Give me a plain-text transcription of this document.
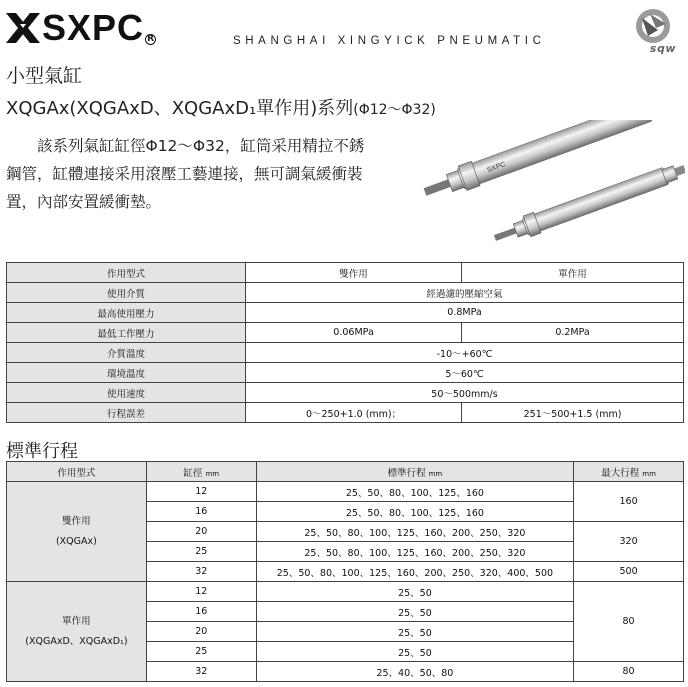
SXPC R	SHANGHAI XINGYICK PNEUMATIC
sqw
小型氣缸
XQGAx(XQGAxD、XQGAxD₁單作用)系列(Φ12～Φ32)

該系列氣缸缸徑Φ12～Φ32，缸筒采用精拉不銹鋼管，缸體連接采用滾壓工藝連接，無可調氣緩衝裝置，內部安置緩衝墊。

SXPC
作用型式	雙作用	單作用
使用介質	經過濾的壓縮空氣	
最高使用壓力	0.8MPa	
最低工作壓力	0.06MPa	0.2MPa
介質溫度	-10～+60℃	
環境溫度	5～60℃	
使用速度	50～500mm/s	
行程誤差	0～250+1.0 (mm)；	251～500+1.5 (mm)
標準行程
作用型式	缸徑 mm	標準行程 mm	最大行程 mm
雙作用
(XQGAx)	12	25、50、80、100、125、160	160
	16	25、50、80、100、125、160	
	20	25、50、80、100、125、160、200、250、320	320
	25	25、50、80、100、125、160、200、250、320	
	32	25、50、80、100、125、160、200、250、320、400、500	500
單作用
(XQGAxD、XQGAxD₁)	12	25、50	80
	16	25、50	
	20	25、50	
	25	25、50	
	32	25、40、50、80	80
